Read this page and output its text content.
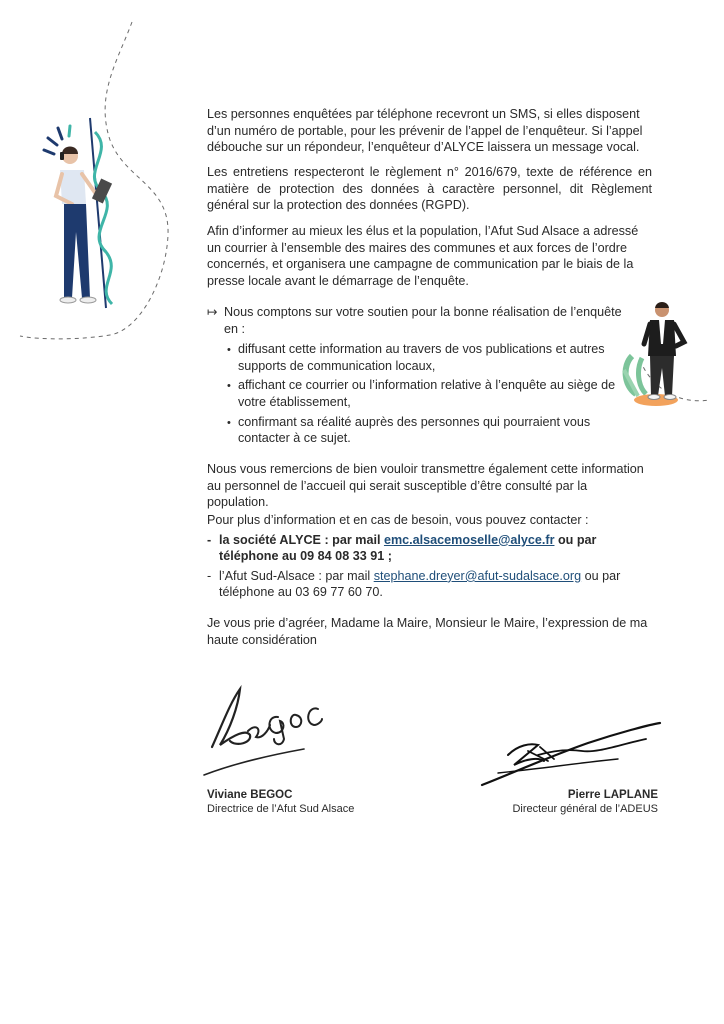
Les personnes enquêtées par téléphone recevront un SMS, si elles disposent d’un numéro de portable, pour les prévenir de l’appel de l’enquêteur. Si l’appel débouche sur un répondeur, l’enquêteur d’ALYCE laissera un message vocal.

Les entretiens respecteront le règlement n° 2016/679, texte de référence en matière de protection des données à caractère personnel, dit Règlement général sur la protection des données (RGPD).

Afin d’informer au mieux les élus et la population, l’Afut Sud Alsace a adressé un courrier à l’ensemble des maires des communes et aux forces de l’ordre concernés, et organisera une campagne de communication par le biais de la presse locale avant le démarrage de l’enquête.

↦ Nous comptons sur votre soutien pour la bonne réalisation de l’enquête en :
• diffusant cette information au travers de vos publications et autres supports de communication locaux,
• affichant ce courrier ou l’information relative à l’enquête au siège de votre établissement,
• confirmant sa réalité auprès des personnes qui pourraient vous contacter à ce sujet.

Nous vous remercions de bien vouloir transmettre également cette information au personnel de l’accueil qui serait susceptible d’être consulté par la population.

Pour plus d’information et en cas de besoin, vous pouvez contacter :

- la société ALYCE : par mail emc.alsacemoselle@alyce.fr ou par téléphone au 09 84 08 33 91 ;
- l’Afut Sud-Alsace : par mail stephane.dreyer@afut-sudalsace.org ou par téléphone au 03 69 77 60 70.

Je vous prie d’agréer, Madame la Maire, Monsieur le Maire, l’expression de ma haute considération

Viviane BEGOC
Directrice de l’Afut Sud Alsace
Pierre LAPLANE
Directeur général de l’ADEUS
